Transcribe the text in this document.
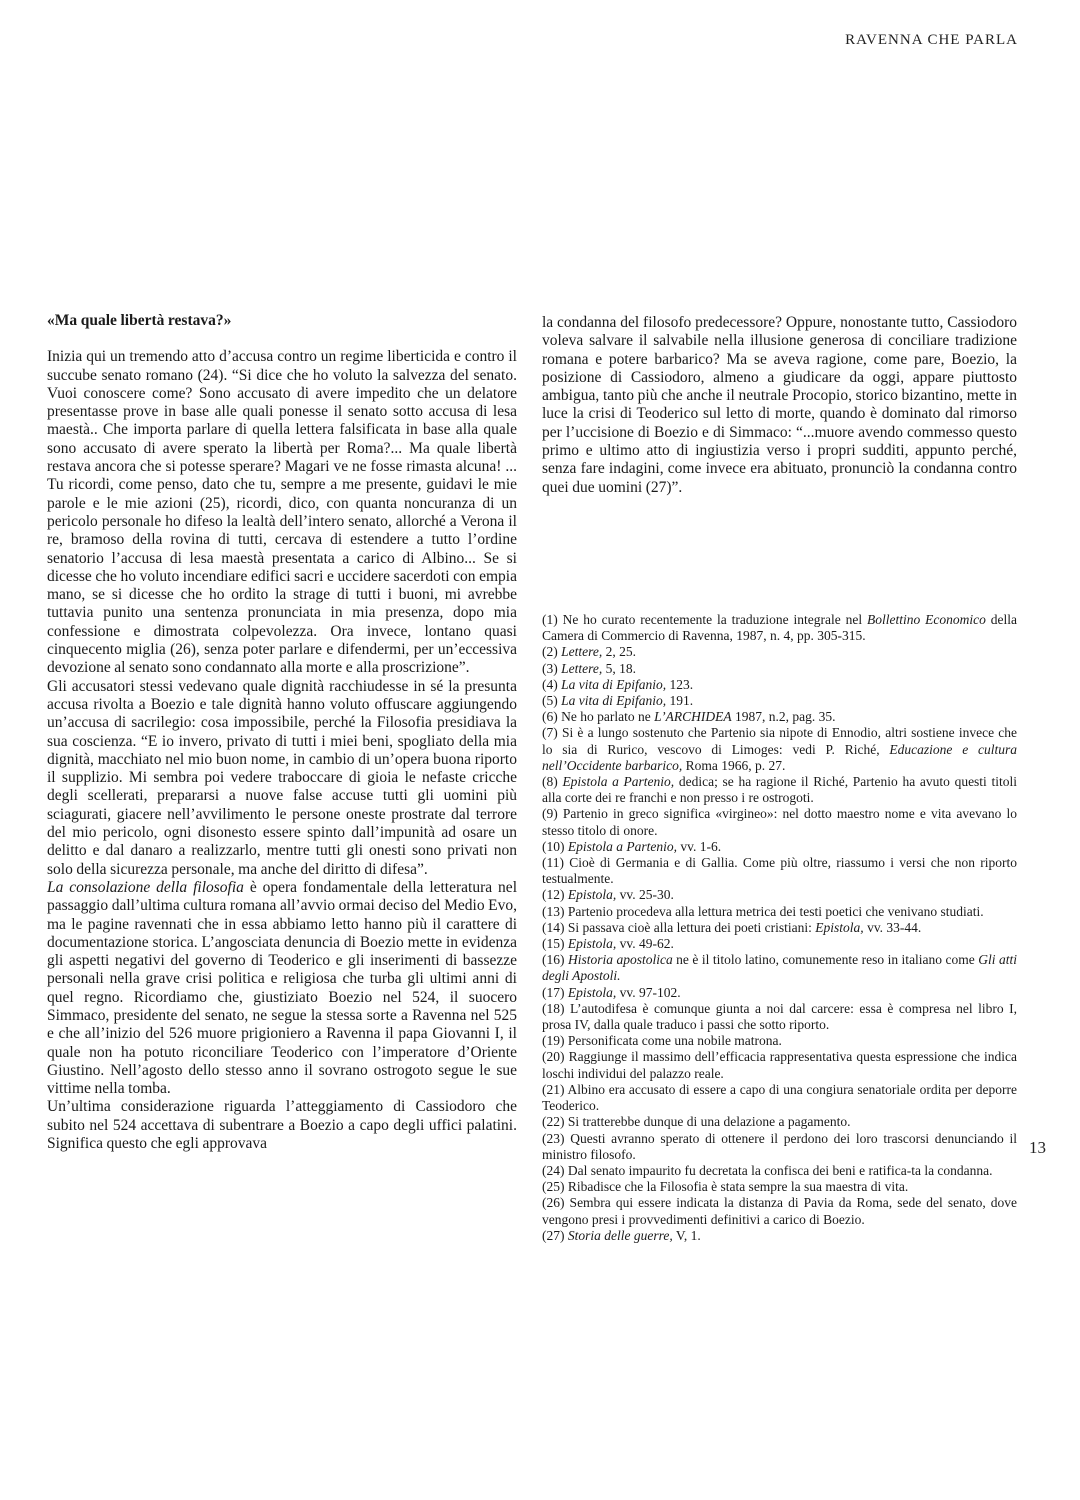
RAVENNA CHE PARLA
«Ma quale libertà restava?»

Inizia qui un tremendo atto d’accusa contro un regime liberticida e contro il succube senato romano (24). “Si dice che ho voluto la salvezza del senato. Vuoi conoscere come? Sono accusato di avere impedito che un delatore presentasse prove in base alle quali ponesse il senato sotto accusa di lesa maestà.. Che importa parlare di quella lettera falsificata in base alla quale sono accusato di avere sperato la libertà per Roma?... Ma quale libertà restava ancora che si potesse sperare? Magari ve ne fosse rimasta alcuna! ... Tu ricordi, come penso, dato che tu, sempre a me presente, guidavi le mie parole e le mie azioni (25), ricordi, dico, con quanta noncuranza di un pericolo personale ho difeso la lealtà dell’intero senato, allorché a Verona il re, bramoso della rovina di tutti, cercava di estendere a tutto l’ordine senatorio l’accusa di lesa maestà presentata a carico di Albino... Se si dicesse che ho voluto incendiare edifici sacri e uccidere sacerdoti con empia mano, se si dicesse che ho ordito la strage di tutti i buoni, mi avrebbe tuttavia punito una sentenza pronunciata in mia presenza, dopo mia confessione e dimostrata colpevolezza. Ora invece, lontano quasi cinquecento miglia (26), senza poter parlare e difendermi, per un’eccessiva devozione al senato sono condannato alla morte e alla proscrizione”.

Gli accusatori stessi vedevano quale dignità racchiudesse in sé la presunta accusa rivolta a Boezio e tale dignità hanno voluto offuscare aggiungendo un’accusa di sacrilegio: cosa impossibile, perché la Filosofia presidiava la sua coscienza. “E io invero, privato di tutti i miei beni, spogliato della mia dignità, macchiato nel mio buon nome, in cambio di un’opera buona riporto il supplizio. Mi sembra poi vedere traboccare di gioia le nefaste cricche degli scellerati, prepararsi a nuove false accuse tutti gli uomini più sciagurati, giacere nell’avvilimento le persone oneste prostrate dal terrore del mio pericolo, ogni disonesto essere spinto dall’impunità ad osare un delitto e dal danaro a realizzarlo, mentre tutti gli onesti sono privati non solo della sicurezza personale, ma anche del diritto di difesa”.

La consolazione della filosofia è opera fondamentale della letteratura nel passaggio dall’ultima cultura romana all’avvio ormai deciso del Medio Evo, ma le pagine ravennati che in essa abbiamo letto hanno più il carattere di documentazione storica. L’angosciata denuncia di Boezio mette in evidenza gli aspetti negativi del governo di Teoderico e gli inserimenti di bassezze personali nella grave crisi politica e religiosa che turba gli ultimi anni di quel regno. Ricordiamo che, giustiziato Boezio nel 524, il suocero Simmaco, presidente del senato, ne segue la stessa sorte a Ravenna nel 525 e che all’inizio del 526 muore prigioniero a Ravenna il papa Giovanni I, il quale non ha potuto riconciliare Teoderico con l’imperatore d’Oriente Giustino. Nell’agosto dello stesso anno il sovrano ostrogoto segue le sue vittime nella tomba.

Un’ultima considerazione riguarda l’atteggiamento di Cassiodoro che subito nel 524 accettava di subentrare a Boezio a capo degli uffici palatini. Significa questo che egli approvava

la condanna del filosofo predecessore? Oppure, nonostante tutto, Cassiodoro voleva salvare il salvabile nella illusione generosa di conciliare tradizione romana e potere barbarico? Ma se aveva ragione, come pare, Boezio, la posizione di Cassiodoro, almeno a giudicare da oggi, appare piuttosto ambigua, tanto più che anche il neutrale Procopio, storico bizantino, mette in luce la crisi di Teoderico sul letto di morte, quando è dominato dal rimorso per l’uccisione di Boezio e di Simmaco: “...muore avendo commesso questo primo e ultimo atto di ingiustizia verso i propri sudditi, appunto perché, senza fare indagini, come invece era abituato, pronunciò la condanna contro quei due uomini (27)”.

(1) Ne ho curato recentemente la traduzione integrale nel Bollettino Economico della Camera di Commercio di Ravenna, 1987, n. 4, pp. 305-315.

(2) Lettere, 2, 25.

(3) Lettere, 5, 18.

(4) La vita di Epifanio, 123.

(5) La vita di Epifanio, 191.

(6) Ne ho parlato ne L’ARCHIDEA 1987, n.2, pag. 35.

(7) Si è a lungo sostenuto che Partenio sia nipote di Ennodio, altri sostiene invece che lo sia di Rurico, vescovo di Limoges: vedi P. Riché, Educazione e cultura nell’Occidente barbarico, Roma 1966, p. 27.

(8) Epistola a Partenio, dedica; se ha ragione il Riché, Partenio ha avuto questi titoli alla corte dei re franchi e non presso i re ostrogoti.

(9) Partenio in greco significa «virgineo»: nel dotto maestro nome e vita avevano lo stesso titolo di onore.

(10) Epistola a Partenio, vv. 1-6.

(11) Cioè di Germania e di Gallia. Come più oltre, riassumo i versi che non riporto testualmente.

(12) Epistola, vv. 25-30.

(13) Partenio procedeva alla lettura metrica dei testi poetici che venivano studiati.

(14) Si passava cioè alla lettura dei poeti cristiani: Epistola, vv. 33-44.

(15) Epistola, vv. 49-62.

(16) Historia apostolica ne è il titolo latino, comunemente reso in italiano come Gli atti degli Apostoli.

(17) Epistola, vv. 97-102.

(18) L’autodifesa è comunque giunta a noi dal carcere: essa è compresa nel libro I, prosa IV, dalla quale traduco i passi che sotto riporto.

(19) Personificata come una nobile matrona.

(20) Raggiunge il massimo dell’efficacia rappresentativa questa espressione che indica loschi individui del palazzo reale.

(21) Albino era accusato di essere a capo di una congiura senatoriale ordita per deporre Teoderico.

(22) Si tratterebbe dunque di una delazione a pagamento.

(23) Questi avranno sperato di ottenere il perdono dei loro trascorsi denunciando il ministro filosofo.

(24) Dal senato impaurito fu decretata la confisca dei beni e ratifica-ta la condanna.

(25) Ribadisce che la Filosofia è stata sempre la sua maestra di vita.

(26) Sembra qui essere indicata la distanza di Pavia da Roma, sede del senato, dove vengono presi i provvedimenti definitivi a carico di Boezio.

(27) Storia delle guerre, V, 1.

13
